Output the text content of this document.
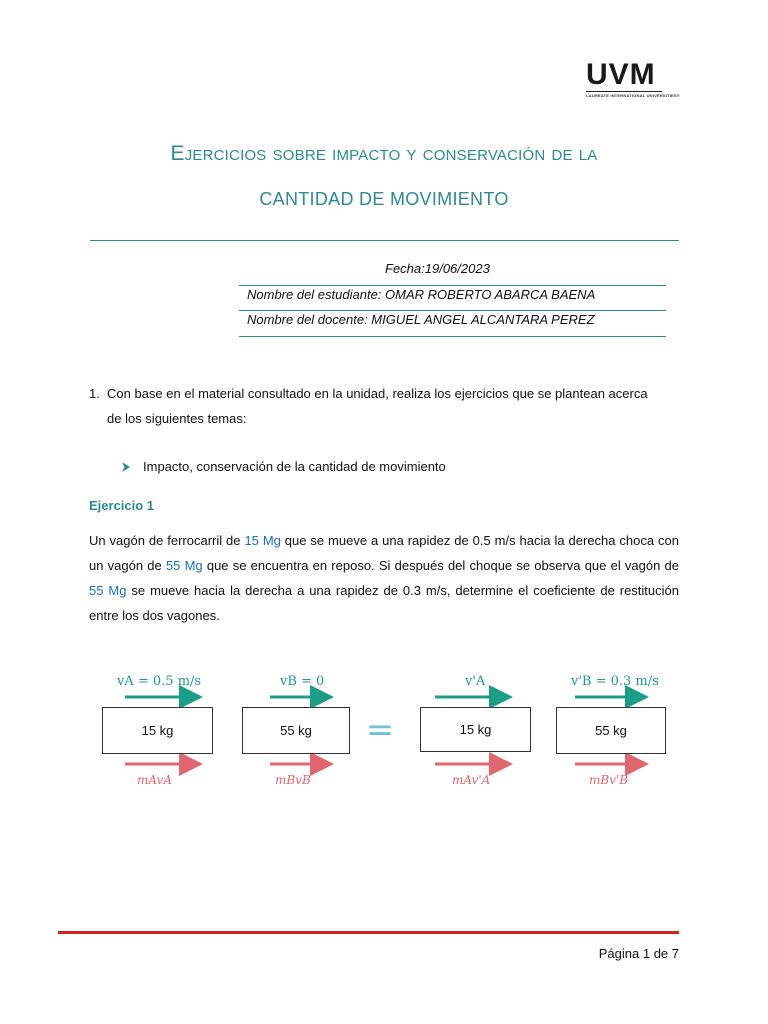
UVM
LAUREATE INTERNATIONAL UNIVERSITIES®
Ejercicios sobre impacto y conservación de la
CANTIDAD DE MOVIMIENTO
Fecha:19/06/2023
Nombre del estudiante: OMAR ROBERTO ABARCA BAENA
Nombre del docente: MIGUEL ANGEL ALCANTARA PEREZ
1. Con base en el material consultado en la unidad, realiza los ejercicios que se plantean acerca
de los siguientes temas:
Impacto, conservación de la cantidad de movimiento
Ejercicio 1
Un vagón de ferrocarril de 15 Mg que se mueve a una rapidez de 0.5 m/s hacia la derecha choca con un vagón de 55 Mg que se encuentra en reposo. Si después del choque se observa que el vagón de 55 Mg se mueve hacia la derecha a una rapidez de 0.3 m/s, determine el coeficiente de restitución entre los dos vagones.
vA = 0.5 m/s	vB = 0	v'A	v'B = 0.3 m/s
15 kg	55 kg	=	15 kg	55 kg
mAvA	mBvB	mAv'A	mBv'B
Página 1 de 7
